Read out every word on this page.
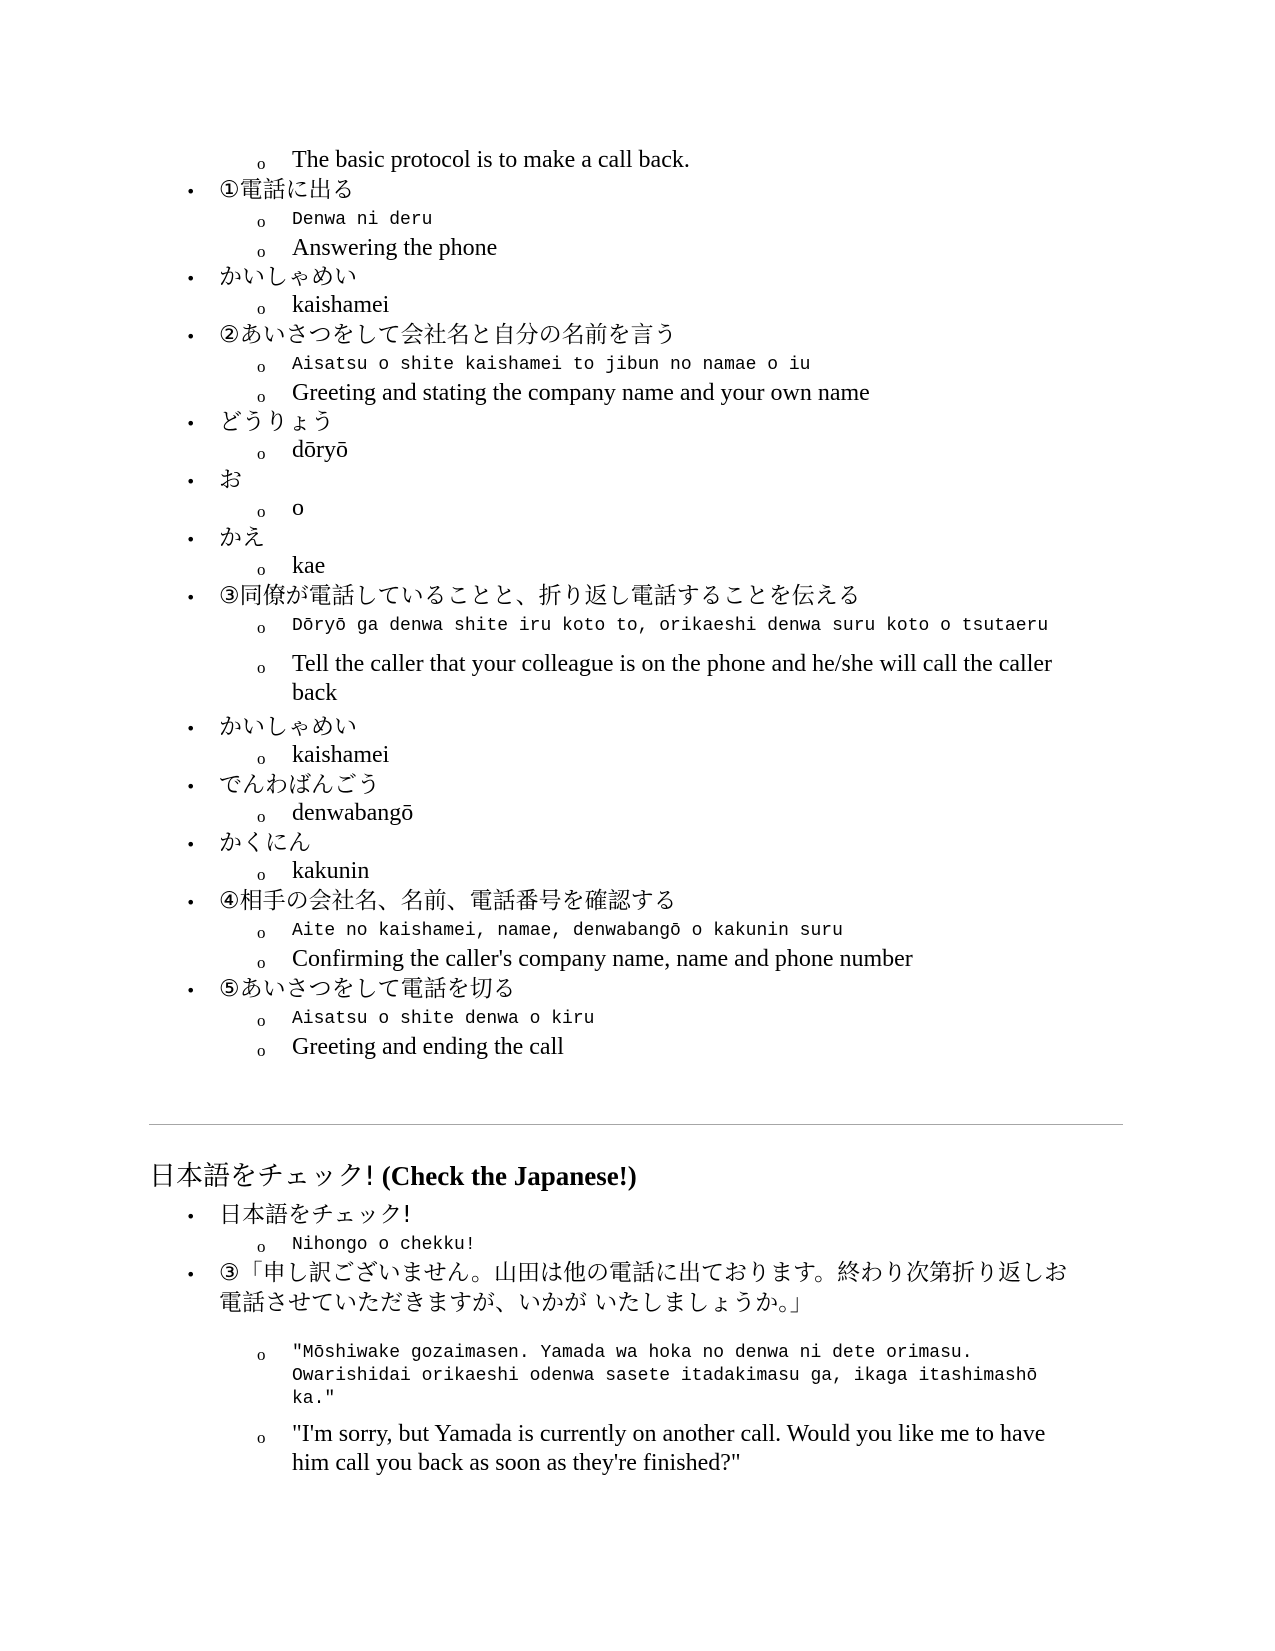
o The basic protocol is to make a call back.
• ①電話に出る
o Denwa ni deru
o Answering the phone
• かいしゃめい
o kaishamei
• ②あいさつをして会社名と自分の名前を言う
o Aisatsu o shite kaishamei to jibun no namae o iu
o Greeting and stating the company name and your own name
• どうりょう
o dōryō
• お
o o
• かえ
o kae
• ③同僚が電話していることと、折り返し電話することを伝える
o Dōryō ga denwa shite iru koto to, orikaeshi denwa suru koto o tsutaeru
o Tell the caller that your colleague is on the phone and he/she will call the caller back
• かいしゃめい
o kaishamei
• でんわばんごう
o denwabangō
• かくにん
o kakunin
• ④相手の会社名、名前、電話番号を確認する
o Aite no kaishamei, namae, denwabangō o kakunin suru
o Confirming the caller's company name, name and phone number
• ⑤あいさつをして電話を切る
o Aisatsu o shite denwa o kiru
o Greeting and ending the call
日本語をチェック! (Check the Japanese!)
• 日本語をチェック!
o Nihongo o chekku!
• ③「申し訳ございません。山田は他の電話に出ております。終わり次第折り返しお電話させていただきますが、いかが いたしましょうか。」
o "Mōshiwake gozaimasen. Yamada wa hoka no denwa ni dete orimasu. Owarishidai orikaeshi odenwa sasete itadakimasu ga, ikaga itashimashō ka."
o "I'm sorry, but Yamada is currently on another call. Would you like me to have him call you back as soon as they're finished?"
